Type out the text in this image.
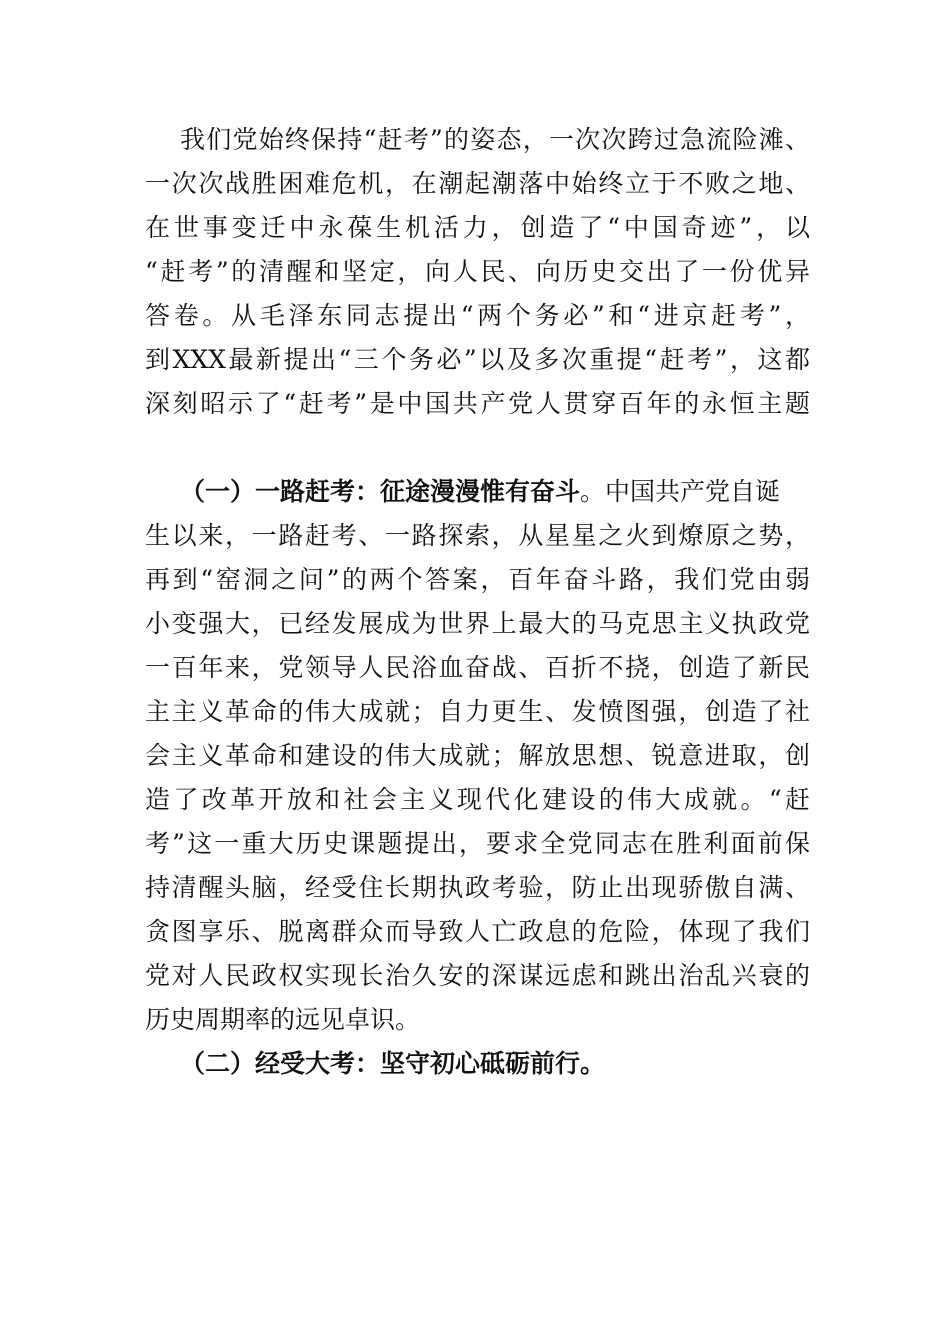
我们党始终保持“赶考”的姿态，一次次跨过急流险滩、
一次次战胜困难危机，在潮起潮落中始终立于不败之地、
在世事变迁中永葆生机活力，创造了“中国奇迹”，以
“赶考”的清醒和坚定，向人民、向历史交出了一份优异
答卷。从毛泽东同志提出“两个务必”和“进京赶考”，
到XXX最新提出“三个务必”以及多次重提“赶考”，这都
深刻昭示了“赶考”是中国共产党人贯穿百年的永恒主题
（一）一路赶考：征途漫漫惟有奋斗。中国共产党自诞
生以来，一路赶考、一路探索，从星星之火到燎原之势，
再到“窑洞之问”的两个答案，百年奋斗路，我们党由弱
小变强大，已经发展成为世界上最大的马克思主义执政党
一百年来，党领导人民浴血奋战、百折不挠，创造了新民
主主义革命的伟大成就；自力更生、发愤图强，创造了社
会主义革命和建设的伟大成就；解放思想、锐意进取，创
造了改革开放和社会主义现代化建设的伟大成就。“赶
考”这一重大历史课题提出，要求全党同志在胜利面前保
持清醒头脑，经受住长期执政考验，防止出现骄傲自满、
贪图享乐、脱离群众而导致人亡政息的危险，体现了我们
党对人民政权实现长治久安的深谋远虑和跳出治乱兴衰的
历史周期率的远见卓识。
（二）经受大考：坚守初心砥砺前行。
